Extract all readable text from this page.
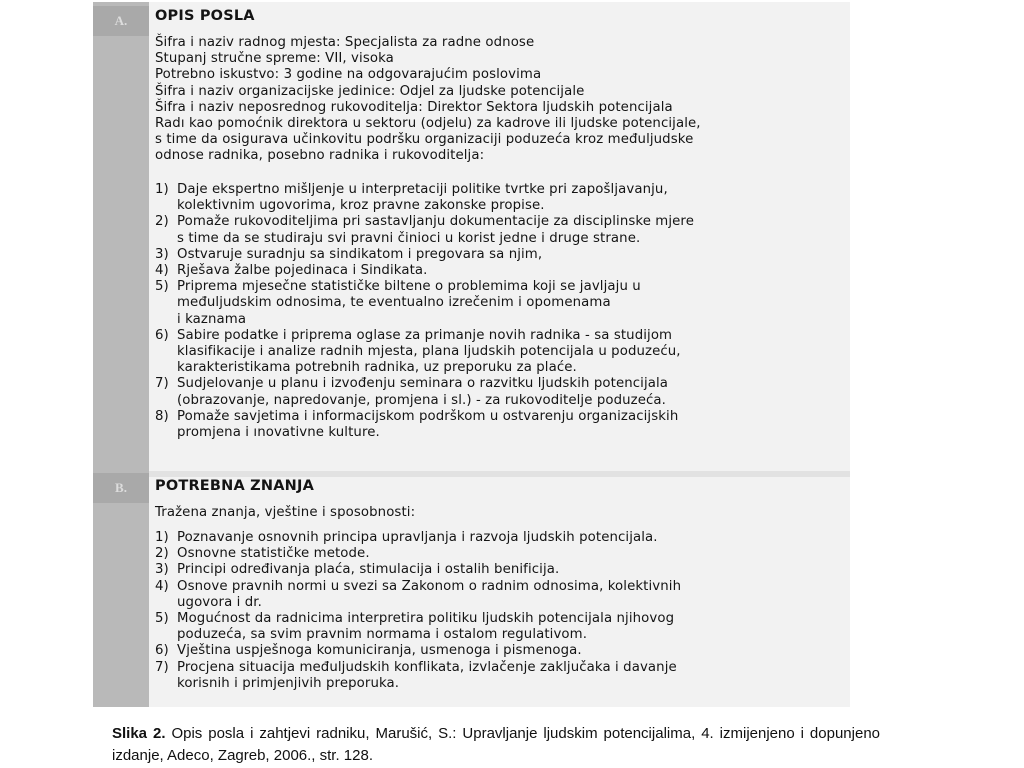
A.
B.
OPIS POSLA
Šifra i naziv radnog mjesta: Specjalista za radne odnose
Stupanj stručne spreme: VII, visoka
Potrebno iskustvo: 3 godine na odgovarajućim poslovima
Šifra i naziv organizacijske jedinice: Odjel za ljudske potencijale
Šifra i naziv neposrednog rukovoditelja: Direktor Sektora ljudskih potencijala
Radı kao pomoćnik direktora u sektoru (odjelu) za kadrove ili ljudske potencijale,
s time da osigurava učinkovitu podršku organizaciji poduzeća kroz međuljudske
odnose radnika, posebno radnika i rukovoditelja:
1) Daje ekspertno mišljenje u interpretaciji politike tvrtke pri zapošljavanju,
kolektivnim ugovorima, kroz pravne zakonske propise.
2) Pomaže rukovoditeljima pri sastavljanju dokumentacije za disciplinske mjere
s time da se studiraju svi pravni činioci u korist jedne i druge strane.
3) Ostvaruje suradnju sa sindikatom i pregovara sa njim,
4) Rješava žalbe pojedinaca i Sindikata.
5) Priprema mjesečne statističke biltene o problemima koji se javljaju u
međuljudskim odnosima, te eventualno izrečenim i opomenama
i kaznama
6) Sabire podatke i priprema oglase za primanje novih radnika - sa studijom
klasifikacije i analize radnih mjesta, plana ljudskih potencijala u poduzeću,
karakteristikama potrebnih radnika, uz preporuku za plaće.
7) Sudjelovanje u planu i izvođenju seminara o razvitku ljudskih potencijala
(obrazovanje, napredovanje, promjena i sl.) - za rukovoditelje poduzeća.
8) Pomaže savjetima i informacijskom podrškom u ostvarenju organizacijskih
promjena i ınovativne kulture.
POTREBNA ZNANJA
Tražena znanja, vještine i sposobnosti:
1) Poznavanje osnovnih principa upravljanja i razvoja ljudskih potencijala.
2) Osnovne statističke metode.
3) Principi određivanja plaća, stimulacija i ostalih benificija.
4) Osnove pravnih normi u svezi sa Zakonom o radnim odnosima, kolektivnih
ugovora i dr.
5) Mogućnost da radnicima interpretira politiku ljudskih potencijala njihovog
poduzeća, sa svim pravnim normama i ostalom regulativom.
6) Vještina uspješnoga komuniciranja, usmenoga i pismenoga.
7) Procjena situacija međuljudskih konflikata, izvlačenje zaključaka i davanje
korisnih i primjenjivih preporuka.
Slika 2. Opis posla i zahtjevi radniku, Marušić, S.: Upravljanje ljudskim potencijalima, 4. izmijenjeno i dopunjeno izdanje, Adeco, Zagreb, 2006., str. 128.
